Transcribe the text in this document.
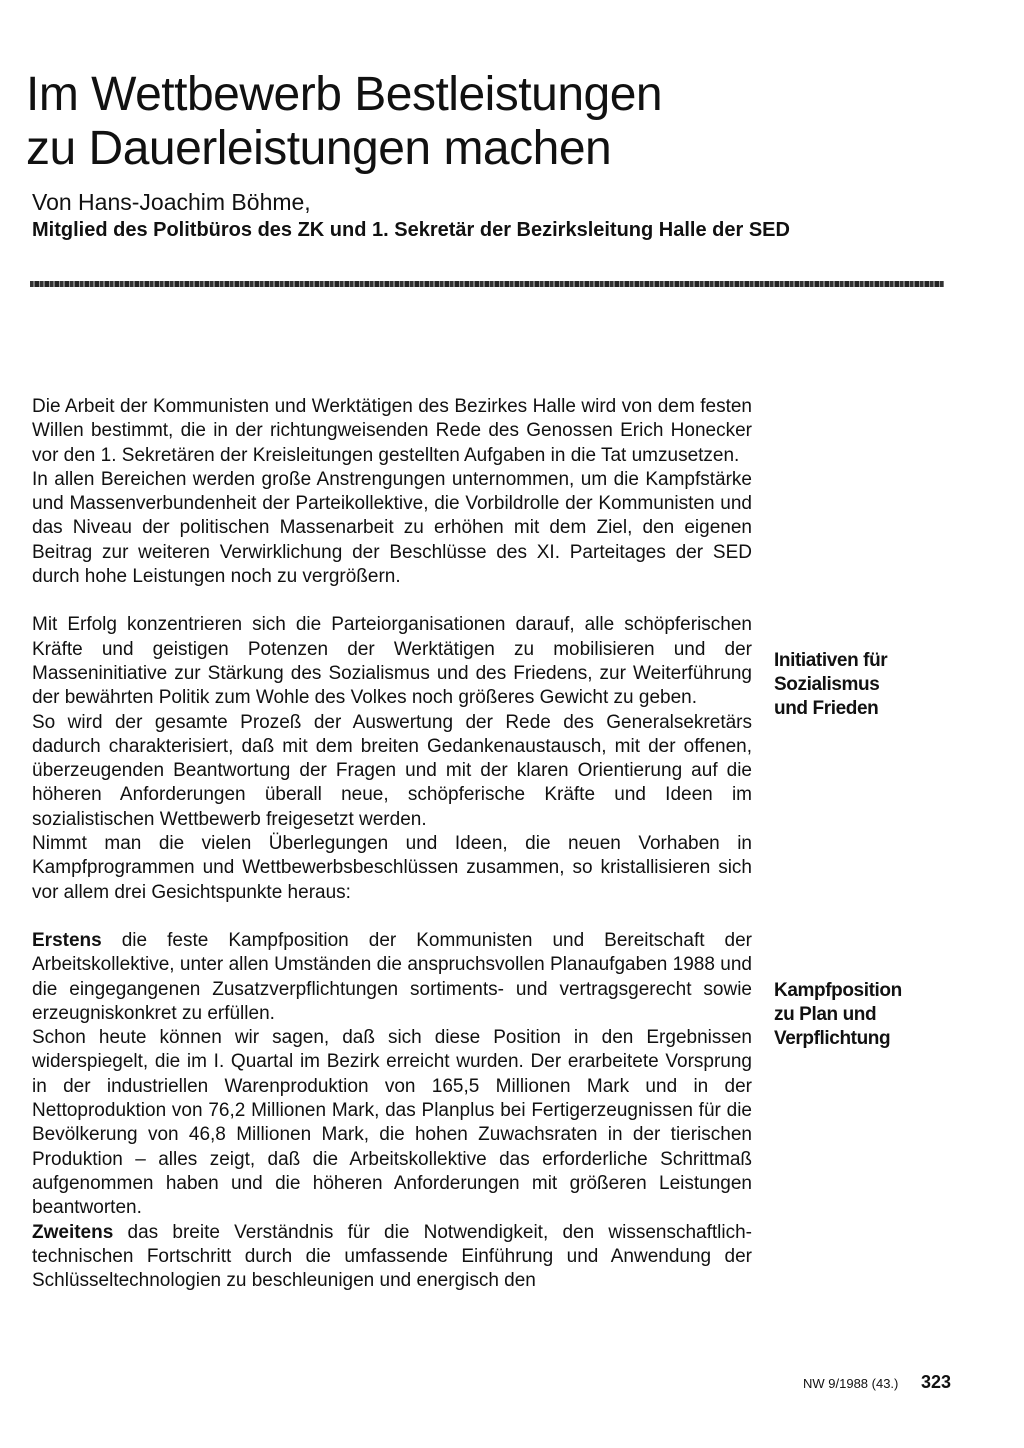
Im Wettbewerb Bestleistungen
zu Dauerleistungen machen
Von Hans-Joachim Böhme,
Mitglied des Politbüros des ZK und 1. Sekretär der Bezirksleitung Halle der SED

Die Arbeit der Kommunisten und Werktätigen des Bezirkes Halle wird von dem festen Willen bestimmt, die in der richtungweisenden Rede des Genossen Erich Honecker vor den 1. Sekretären der Kreisleitungen gestellten Aufgaben in die Tat umzusetzen.

In allen Bereichen werden große Anstrengungen unternommen, um die Kampfstärke und Massenverbundenheit der Parteikollektive, die Vorbildrolle der Kommunisten und das Niveau der politischen Massenarbeit zu erhöhen mit dem Ziel, den eigenen Beitrag zur weiteren Verwirklichung der Beschlüsse des XI. Parteitages der SED durch hohe Leistungen noch zu vergrößern.

Mit Erfolg konzentrieren sich die Parteiorganisationen darauf, alle schöpferischen Kräfte und geistigen Potenzen der Werktätigen zu mobilisieren und der Masseninitiative zur Stärkung des Sozialismus und des Friedens, zur Weiterführung der bewährten Politik zum Wohle des Volkes noch größeres Gewicht zu geben.

So wird der gesamte Prozeß der Auswertung der Rede des Generalsekretärs dadurch charakterisiert, daß mit dem breiten Gedankenaustausch, mit der offenen, überzeugenden Beantwortung der Fragen und mit der klaren Orientierung auf die höheren Anforderungen überall neue, schöpferische Kräfte und Ideen im sozialistischen Wettbewerb freigesetzt werden.

Nimmt man die vielen Überlegungen und Ideen, die neuen Vorhaben in Kampfprogrammen und Wettbewerbsbeschlüssen zusammen, so kristallisieren sich vor allem drei Gesichtspunkte heraus:

Erstens die feste Kampfposition der Kommunisten und Bereitschaft der Arbeitskollektive, unter allen Umständen die anspruchsvollen Planaufgaben 1988 und die eingegangenen Zusatzverpflichtungen sortiments- und vertragsgerecht sowie erzeugniskonkret zu erfüllen.

Schon heute können wir sagen, daß sich diese Position in den Ergebnissen widerspiegelt, die im I. Quartal im Bezirk erreicht wurden. Der erarbeitete Vorsprung in der industriellen Warenproduktion von 165,5 Millionen Mark und in der Nettoproduktion von 76,2 Millionen Mark, das Planplus bei Fertigerzeugnissen für die Bevölkerung von 46,8 Millionen Mark, die hohen Zuwachsraten in der tierischen Produktion – alles zeigt, daß die Arbeitskollektive das erforderliche Schrittmaß aufgenommen haben und die höheren Anforderungen mit größeren Leistungen beantworten.

Zweitens das breite Verständnis für die Notwendigkeit, den wissenschaftlich-technischen Fortschritt durch die umfassende Einführung und Anwendung der Schlüsseltechnologien zu beschleunigen und energisch den

Initiativen für
Sozialismus
und Frieden
Kampfposition
zu Plan und
Verpflichtung
NW 9/1988 (43.) 323
